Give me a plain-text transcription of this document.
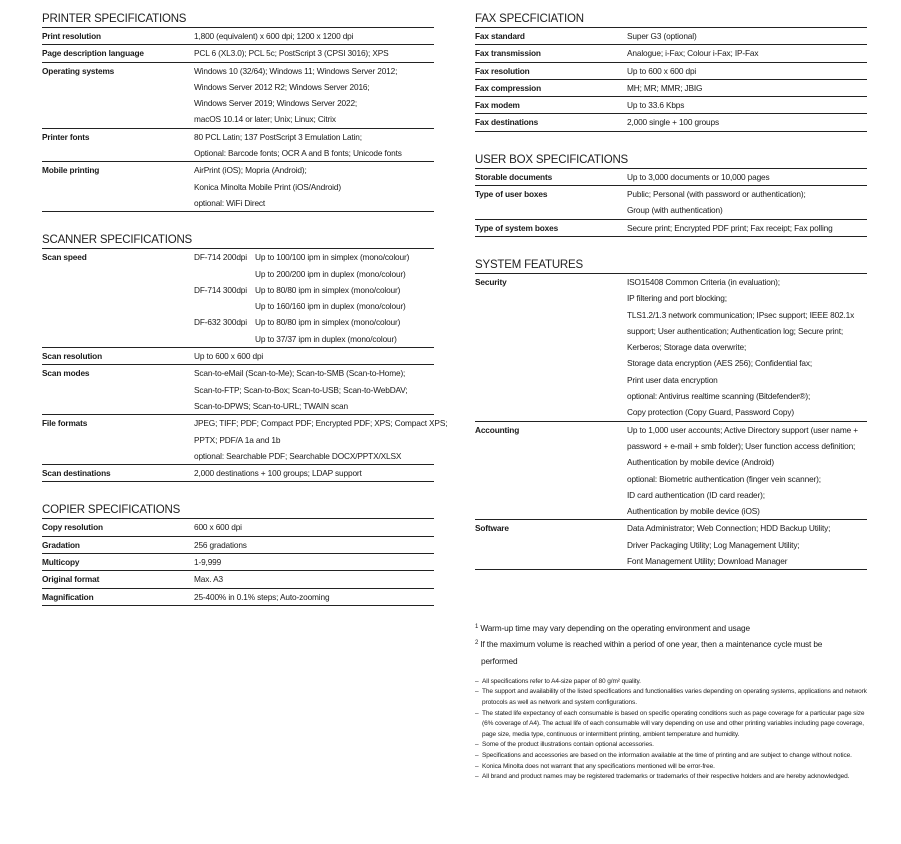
PRINTER SPECIFICATIONS
Print resolution	1,800 (equivalent) x 600 dpi; 1200 x 1200 dpi
Page description language	PCL 6 (XL3.0); PCL 5c; PostScript 3 (CPSI 3016); XPS
Operating systems	Windows 10 (32/64); Windows 11; Windows Server 2012;
Windows Server 2012 R2; Windows Server 2016;
Windows Server 2019; Windows Server 2022;
macOS 10.14 or later; Unix; Linux; Citrix
Printer fonts	80 PCL Latin; 137 PostScript 3 Emulation Latin;
Optional: Barcode fonts; OCR A and B fonts; Unicode fonts
Mobile printing	AirPrint (iOS); Mopria (Android);
Konica Minolta Mobile Print (iOS/Android)
optional: WiFi Direct
SCANNER SPECIFICATIONS
Scan speed	DF-714 200dpi Up to 100/100 ipm in simplex (mono/colour)
Up to 200/200 ipm in duplex (mono/colour)
DF-714 300dpi Up to 80/80 ipm in simplex (mono/colour)
Up to 160/160 ipm in duplex (mono/colour)
DF-632 300dpi Up to 80/80 ipm in simplex (mono/colour)
Up to 37/37 ipm in duplex (mono/colour)
Scan resolution	Up to 600 x 600 dpi
Scan modes	Scan-to-eMail (Scan-to-Me); Scan-to-SMB (Scan-to-Home);
Scan-to-FTP; Scan-to-Box; Scan-to-USB; Scan-to-WebDAV;
Scan-to-DPWS; Scan-to-URL; TWAIN scan
File formats	JPEG; TIFF; PDF; Compact PDF; Encrypted PDF; XPS; Compact XPS;
PPTX; PDF/A 1a and 1b
optional: Searchable PDF; Searchable DOCX/PPTX/XLSX
Scan destinations	2,000 destinations + 100 groups; LDAP support
COPIER SPECIFICATIONS
Copy resolution	600 x 600 dpi
Gradation	256 gradations
Multicopy	1-9,999
Original format	Max. A3
Magnification	25-400% in 0.1% steps; Auto-zooming
FAX SPECFICIATION
Fax standard	Super G3 (optional)
Fax transmission	Analogue; i-Fax; Colour i-Fax; IP-Fax
Fax resolution	Up to 600 x 600 dpi
Fax compression	MH; MR; MMR; JBIG
Fax modem	Up to 33.6 Kbps
Fax destinations	2,000 single + 100 groups
USER BOX SPECIFICATIONS
Storable documents	Up to 3,000 documents or 10,000 pages
Type of user boxes	Public; Personal (with password or authentication);
Group (with authentication)
Type of system boxes	Secure print; Encrypted PDF print; Fax receipt; Fax polling
SYSTEM FEATURES
Security	ISO15408 Common Criteria (in evaluation);
IP filtering and port blocking;
TLS1.2/1.3 network communication; IPsec support; IEEE 802.1x
support; User authentication; Authentication log; Secure print;
Kerberos; Storage data overwrite;
Storage data encryption (AES 256); Confidential fax;
Print user data encryption
optional: Antivirus realtime scanning (Bitdefender®);
Copy protection (Copy Guard, Password Copy)
Accounting	Up to 1,000 user accounts; Active Directory support (user name +
password + e-mail + smb folder); User function access definition;
Authentication by mobile device (Android)
optional: Biometric authentication (finger vein scanner);
ID card authentication (ID card reader);
Authentication by mobile device (iOS)
Software	Data Administrator; Web Connection; HDD Backup Utility;
Driver Packaging Utility; Log Management Utility;
Font Management Utility; Download Manager
$^1$ Warm-up time may vary depending on the operating environment and usage
$^2$ If the maximum volume is reached within a period of one year, then a maintenance cycle must be
performed
– All specifications refer to A4-size paper of 80 g/m² quality.
– The support and availability of the listed specifications and functionalities varies depending on operating systems, applications and network protocols as well as network and system configurations.
– The stated life expectancy of each consumable is based on specific operating conditions such as page coverage for a particular page size (6% coverage of A4). The actual life of each consumable will vary depending on use and other printing variables including page coverage, page size, media type, continuous or intermittent printing, ambient temperature and humidity.
– Some of the product illustrations contain optional accessories.
– Specifications and accessories are based on the information available at the time of printing and are subject to change without notice.
– Konica Minolta does not warrant that any specifications mentioned will be error-free.
– All brand and product names may be registered trademarks or trademarks of their respective holders and are hereby acknowledged.
